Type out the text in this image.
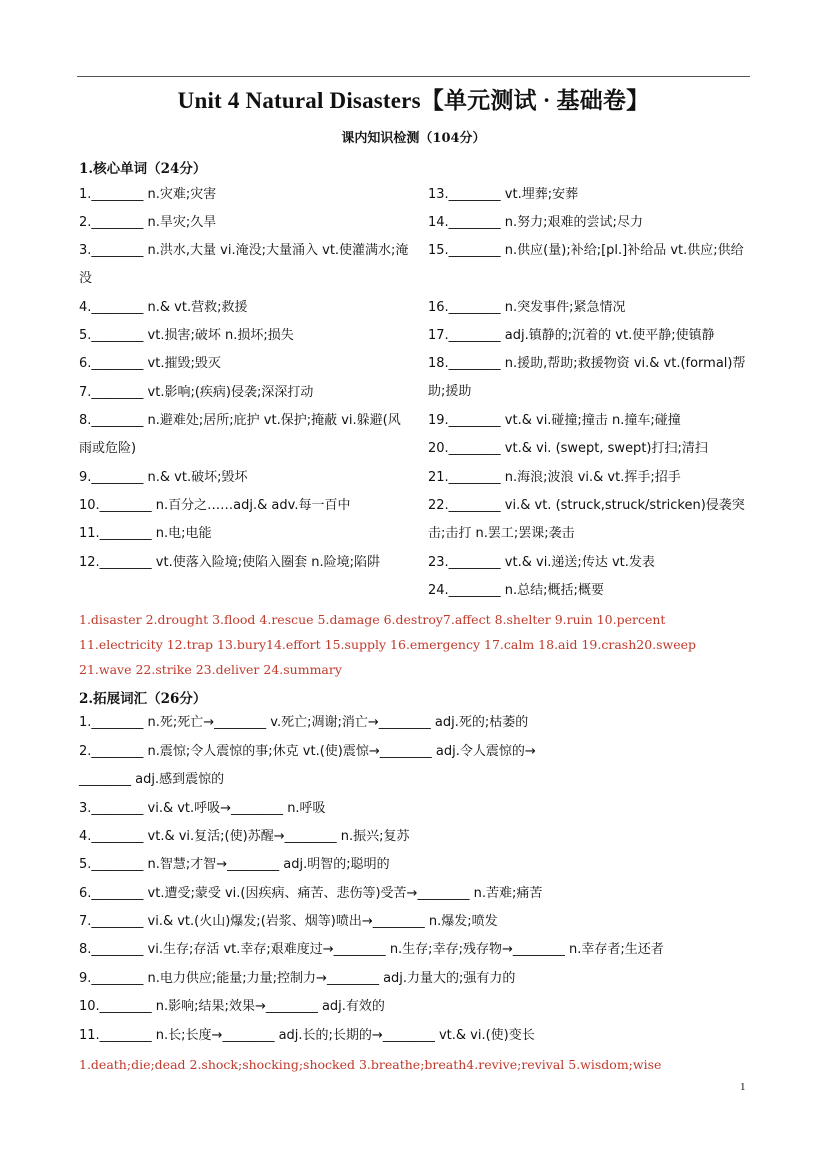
Unit 4 Natural Disasters【单元测试 · 基础卷】
课内知识检测（104分）
1.核心单词（24分）
1.________ n.灾难;灾害
2.________ n.旱灾;久旱
3.________ n.洪水,大量 vi.淹没;大量涌入 vt.使灌满水;淹没
4.________ n.& vt.营救;救援
5.________ vt.损害;破坏 n.损坏;损失
6.________ vt.摧毁;毁灭
7.________ vt.影响;(疾病)侵袭;深深打动
8.________ n.避难处;居所;庇护 vt.保护;掩蔽 vi.躲避(风雨或危险)
9.________ n.& vt.破坏;毁坏
10.________ n.百分之……adj.& adv.每一百中
11.________ n.电;电能
12.________ vt.使落入险境;使陷入圈套 n.险境;陷阱
13.________ vt.埋葬;安葬
14.________ n.努力;艰难的尝试;尽力
15.________ n.供应(量);补给;[pl.]补给品 vt.供应;供给
16.________ n.突发事件;紧急情况
17.________ adj.镇静的;沉着的 vt.使平静;使镇静
18.________ n.援助,帮助;救援物资 vi.& vt.(formal)帮助;援助
19.________ vt.& vi.碰撞;撞击 n.撞车;碰撞
20.________ vt.& vi. (swept, swept)打扫;清扫
21.________ n.海浪;波浪 vi.& vt.挥手;招手
22.________ vi.& vt. (struck,struck/stricken)侵袭突击;击打 n.罢工;罢课;袭击
23.________ vt.& vi.递送;传达 vt.发表
24.________ n.总结;概括;概要
1.disaster 2.drought 3.flood 4.rescue 5.damage 6.destroy7.affect 8.shelter 9.ruin 10.percent
11.electricity 12.trap 13.bury14.effort 15.supply 16.emergency 17.calm 18.aid 19.crash20.sweep
21.wave 22.strike 23.deliver 24.summary
2.拓展词汇（26分）
1.________ n.死;死亡→________ v.死亡;凋谢;消亡→________ adj.死的;枯萎的
2.________ n.震惊;令人震惊的事;休克 vt.(使)震惊→________ adj.令人震惊的→
________ adj.感到震惊的
3.________ vi.& vt.呼吸→________ n.呼吸
4.________ vt.& vi.复活;(使)苏醒→________ n.振兴;复苏
5.________ n.智慧;才智→________ adj.明智的;聪明的
6.________ vt.遭受;蒙受 vi.(因疾病、痛苦、悲伤等)受苦→________ n.苦难;痛苦
7.________ vi.& vt.(火山)爆发;(岩浆、烟等)喷出→________ n.爆发;喷发
8.________ vi.生存;存活 vt.幸存;艰难度过→________ n.生存;幸存;残存物→________ n.幸存者;生还者
9.________ n.电力供应;能量;力量;控制力→________ adj.力量大的;强有力的
10.________ n.影响;结果;效果→________ adj.有效的
11.________ n.长;长度→________ adj.长的;长期的→________ vt.& vi.(使)变长
1.death;die;dead 2.shock;shocking;shocked 3.breathe;breath4.revive;revival 5.wisdom;wise
1
